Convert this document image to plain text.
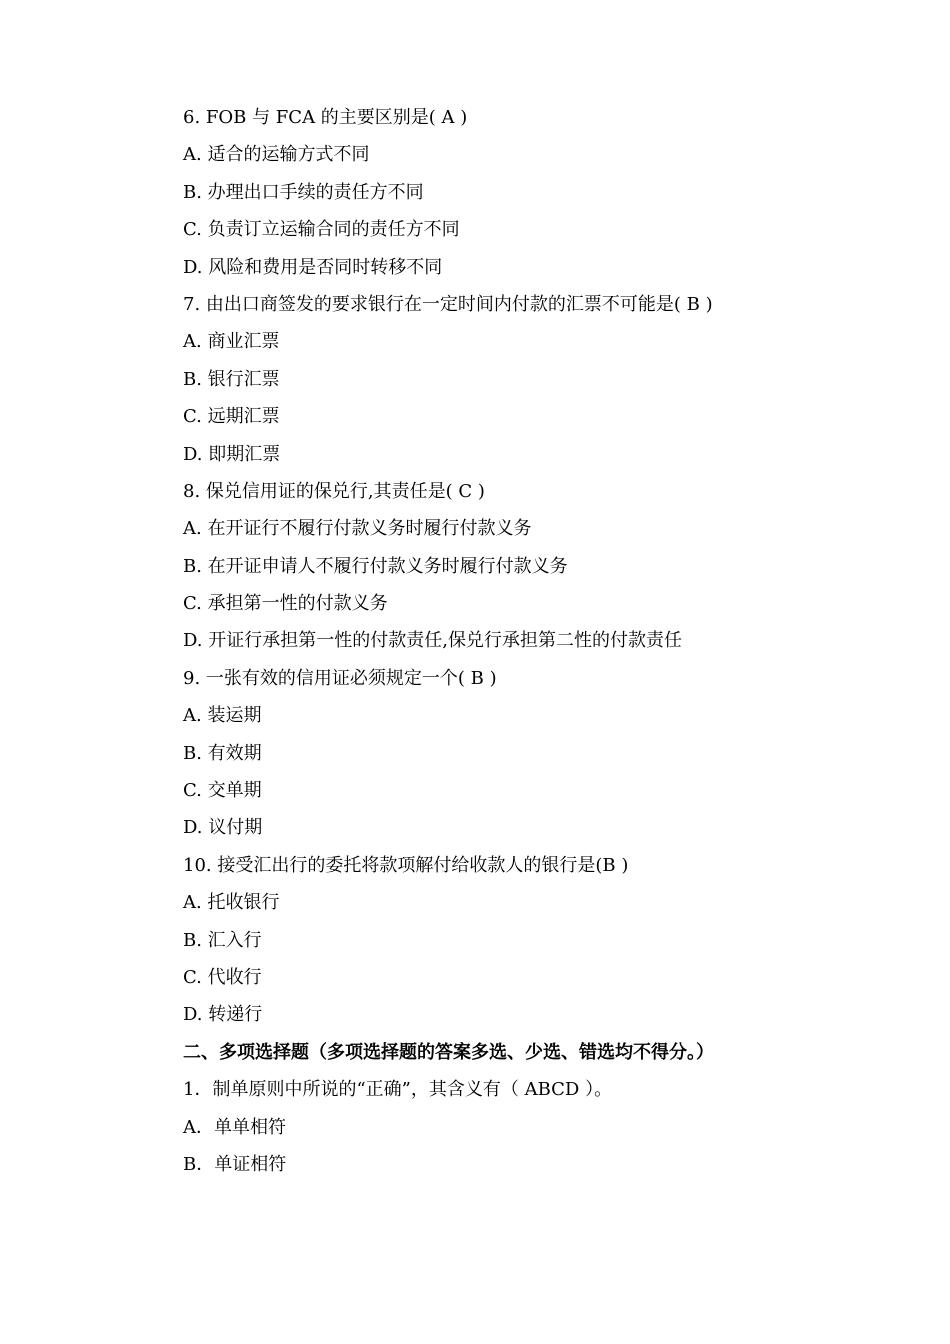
6. FOB 与 FCA 的主要区别是( A )
A. 适合的运输方式不同
B. 办理出口手续的责任方不同
C. 负责订立运输合同的责任方不同
D. 风险和费用是否同时转移不同
7. 由出口商签发的要求银行在一定时间内付款的汇票不可能是( B )
A. 商业汇票
B. 银行汇票
C. 远期汇票
D. 即期汇票
8. 保兑信用证的保兑行,其责任是( C )
A. 在开证行不履行付款义务时履行付款义务
B. 在开证申请人不履行付款义务时履行付款义务
C. 承担第一性的付款义务
D. 开证行承担第一性的付款责任,保兑行承担第二性的付款责任
9. 一张有效的信用证必须规定一个( B )
A. 装运期
B. 有效期
C. 交单期
D. 议付期
10. 接受汇出行的委托将款项解付给收款人的银行是(B )
A. 托收银行
B. 汇入行
C. 代收行
D. 转递行
二、多项选择题（多项选择题的答案多选、少选、错选均不得分。）
1．制单原则中所说的“正确”，其含义有（ ABCD ）。
A．单单相符
B．单证相符
